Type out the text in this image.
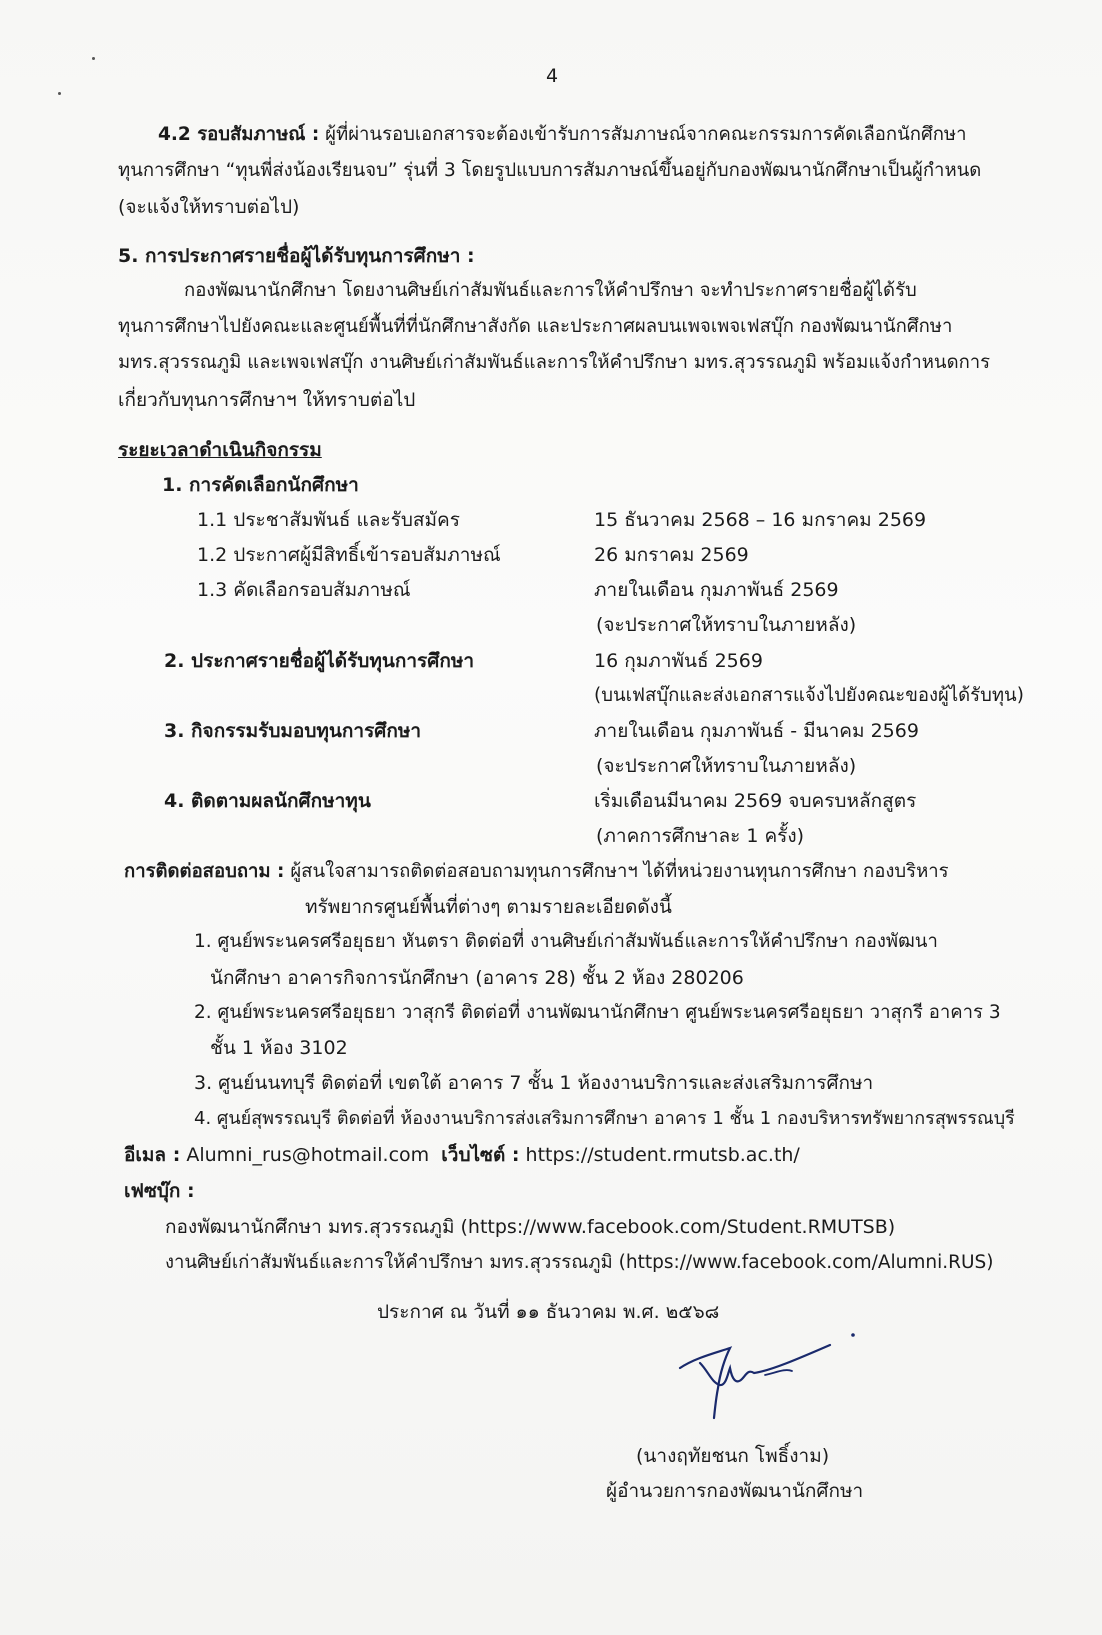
4
4.2 รอบสัมภาษณ์ : ผู้ที่ผ่านรอบเอกสารจะต้องเข้ารับการสัมภาษณ์จากคณะกรรมการคัดเลือกนักศึกษา
ทุนการศึกษา “ทุนพี่ส่งน้องเรียนจบ” รุ่นที่ 3 โดยรูปแบบการสัมภาษณ์ขึ้นอยู่กับกองพัฒนานักศึกษาเป็นผู้กำหนด
(จะแจ้งให้ทราบต่อไป)
5. การประกาศรายชื่อผู้ได้รับทุนการศึกษา :
กองพัฒนานักศึกษา โดยงานศิษย์เก่าสัมพันธ์และการให้คำปรึกษา จะทำประกาศรายชื่อผู้ได้รับ
ทุนการศึกษาไปยังคณะและศูนย์พื้นที่ที่นักศึกษาสังกัด และประกาศผลบนเพจเพจเฟสบุ๊ก กองพัฒนานักศึกษา
มทร.สุวรรณภูมิ และเพจเฟสบุ๊ก งานศิษย์เก่าสัมพันธ์และการให้คำปรึกษา มทร.สุวรรณภูมิ พร้อมแจ้งกำหนดการ
เกี่ยวกับทุนการศึกษาฯ ให้ทราบต่อไป
ระยะเวลาดำเนินกิจกรรม
1. การคัดเลือกนักศึกษา
1.1 ประชาสัมพันธ์ และรับสมัคร	15 ธันวาคม 2568 – 16 มกราคม 2569
1.2 ประกาศผู้มีสิทธิ์เข้ารอบสัมภาษณ์	26 มกราคม 2569
1.3 คัดเลือกรอบสัมภาษณ์	ภายในเดือน กุมภาพันธ์ 2569
(จะประกาศให้ทราบในภายหลัง)
2. ประกาศรายชื่อผู้ได้รับทุนการศึกษา	16 กุมภาพันธ์ 2569
(บนเฟสบุ๊กและส่งเอกสารแจ้งไปยังคณะของผู้ได้รับทุน)
3. กิจกรรมรับมอบทุนการศึกษา	ภายในเดือน กุมภาพันธ์ - มีนาคม 2569
(จะประกาศให้ทราบในภายหลัง)
4. ติดตามผลนักศึกษาทุน	เริ่มเดือนมีนาคม 2569 จบครบหลักสูตร
(ภาคการศึกษาละ 1 ครั้ง)
การติดต่อสอบถาม : ผู้สนใจสามารถติดต่อสอบถามทุนการศึกษาฯ ได้ที่หน่วยงานทุนการศึกษา กองบริหาร
ทรัพยากรศูนย์พื้นที่ต่างๆ ตามรายละเอียดดังนี้
1. ศูนย์พระนครศรีอยุธยา หันตรา ติดต่อที่ งานศิษย์เก่าสัมพันธ์และการให้คำปรึกษา กองพัฒนา
นักศึกษา อาคารกิจการนักศึกษา (อาคาร 28) ชั้น 2 ห้อง 280206
2. ศูนย์พระนครศรีอยุธยา วาสุกรี ติดต่อที่ งานพัฒนานักศึกษา ศูนย์พระนครศรีอยุธยา วาสุกรี อาคาร 3
ชั้น 1 ห้อง 3102
3. ศูนย์นนทบุรี ติดต่อที่ เขตใต้ อาคาร 7 ชั้น 1 ห้องงานบริการและส่งเสริมการศึกษา
4. ศูนย์สุพรรณบุรี ติดต่อที่ ห้องงานบริการส่งเสริมการศึกษา อาคาร 1 ชั้น 1 กองบริหารทรัพยากรสุพรรณบุรี
อีเมล : Alumni_rus@hotmail.com เว็บไซต์ : https://student.rmutsb.ac.th/
เฟซบุ๊ก :
กองพัฒนานักศึกษา มทร.สุวรรณภูมิ (https://www.facebook.com/Student.RMUTSB)
งานศิษย์เก่าสัมพันธ์และการให้คำปรึกษา มทร.สุวรรณภูมิ (https://www.facebook.com/Alumni.RUS)
ประกาศ ณ วันที่ ๑๑ ธันวาคม พ.ศ. ๒๕๖๘
(นางฤทัยชนก โพธิ์งาม)
ผู้อำนวยการกองพัฒนานักศึกษา
